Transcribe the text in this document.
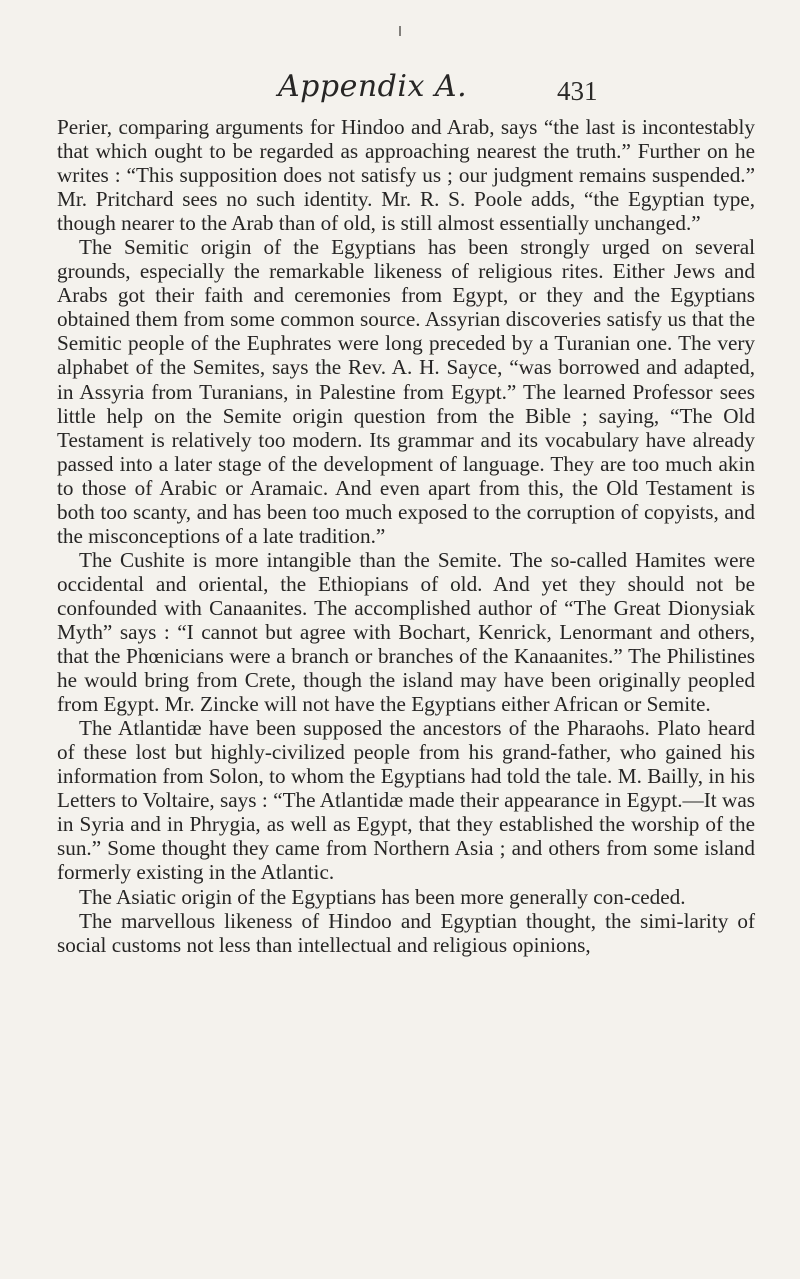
Appendix A.	431

Perier, comparing arguments for Hindoo and Arab, says “the last is incontestably that which ought to be regarded as approaching nearest the truth.” Further on he writes : “This supposition does not satisfy us ; our judgment remains suspended.” Mr. Pritchard sees no such identity. Mr. R. S. Poole adds, “the Egyptian type, though nearer to the Arab than of old, is still almost essentially unchanged.”

The Semitic origin of the Egyptians has been strongly urged on several grounds, especially the remarkable likeness of religious rites. Either Jews and Arabs got their faith and ceremonies from Egypt, or they and the Egyptians obtained them from some common source. Assyrian discoveries satisfy us that the Semitic people of the Euphrates were long preceded by a Turanian one. The very alphabet of the Semites, says the Rev. A. H. Sayce, “was borrowed and adapted, in Assyria from Turanians, in Palestine from Egypt.” The learned Professor sees little help on the Semite origin question from the Bible ; saying, “The Old Testament is relatively too modern. Its grammar and its vocabulary have already passed into a later stage of the development of language. They are too much akin to those of Arabic or Aramaic. And even apart from this, the Old Testament is both too scanty, and has been too much exposed to the corruption of copyists, and the misconceptions of a late tradition.”

The Cushite is more intangible than the Semite. The so-called Hamites were occidental and oriental, the Ethiopians of old. And yet they should not be confounded with Canaanites. The accomplished author of “The Great Dionysiak Myth” says : “I cannot but agree with Bochart, Kenrick, Lenormant and others, that the Phœnicians were a branch or branches of the Kanaanites.” The Philistines he would bring from Crete, though the island may have been originally peopled from Egypt. Mr. Zincke will not have the Egyptians either African or Semite.

The Atlantidæ have been supposed the ancestors of the Pharaohs. Plato heard of these lost but highly-civilized people from his grand-father, who gained his information from Solon, to whom the Egyptians had told the tale. M. Bailly, in his Letters to Voltaire, says : “The Atlantidæ made their appearance in Egypt.—It was in Syria and in Phrygia, as well as Egypt, that they established the worship of the sun.” Some thought they came from Northern Asia ; and others from some island formerly existing in the Atlantic.

The Asiatic origin of the Egyptians has been more generally con-ceded.

The marvellous likeness of Hindoo and Egyptian thought, the simi-larity of social customs not less than intellectual and religious opinions,
